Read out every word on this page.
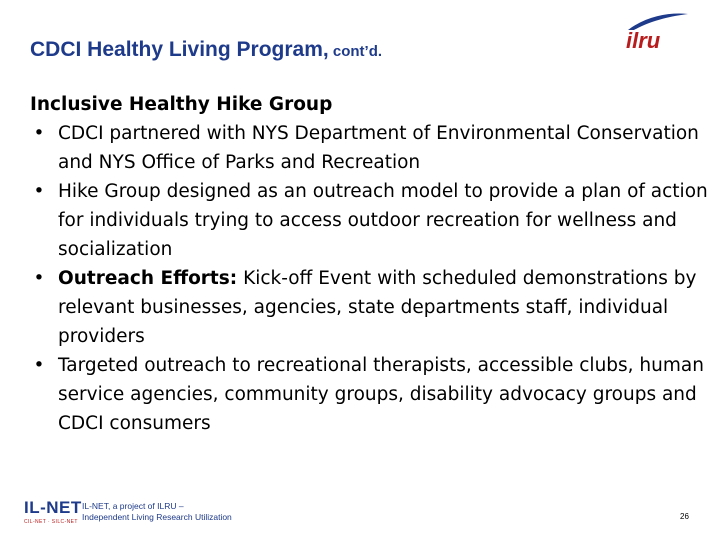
CDCI Healthy Living Program, cont’d.	ilru
Inclusive Healthy Hike Group
• CDCI partnered with NYS Department of Environmental Conservation and NYS Office of Parks and Recreation
• Hike Group designed as an outreach model to provide a plan of action for individuals trying to access outdoor recreation for wellness and socialization
• Outreach Efforts: Kick-off Event with scheduled demonstrations by relevant businesses, agencies, state departments staff, individual providers
• Targeted outreach to recreational therapists, accessible clubs, human service agencies, community groups, disability advocacy groups and CDCI consumers
IL-NET
CIL-NET · SILC-NET
IL-NET, a project of ILRU –
Independent Living Research Utilization	26
